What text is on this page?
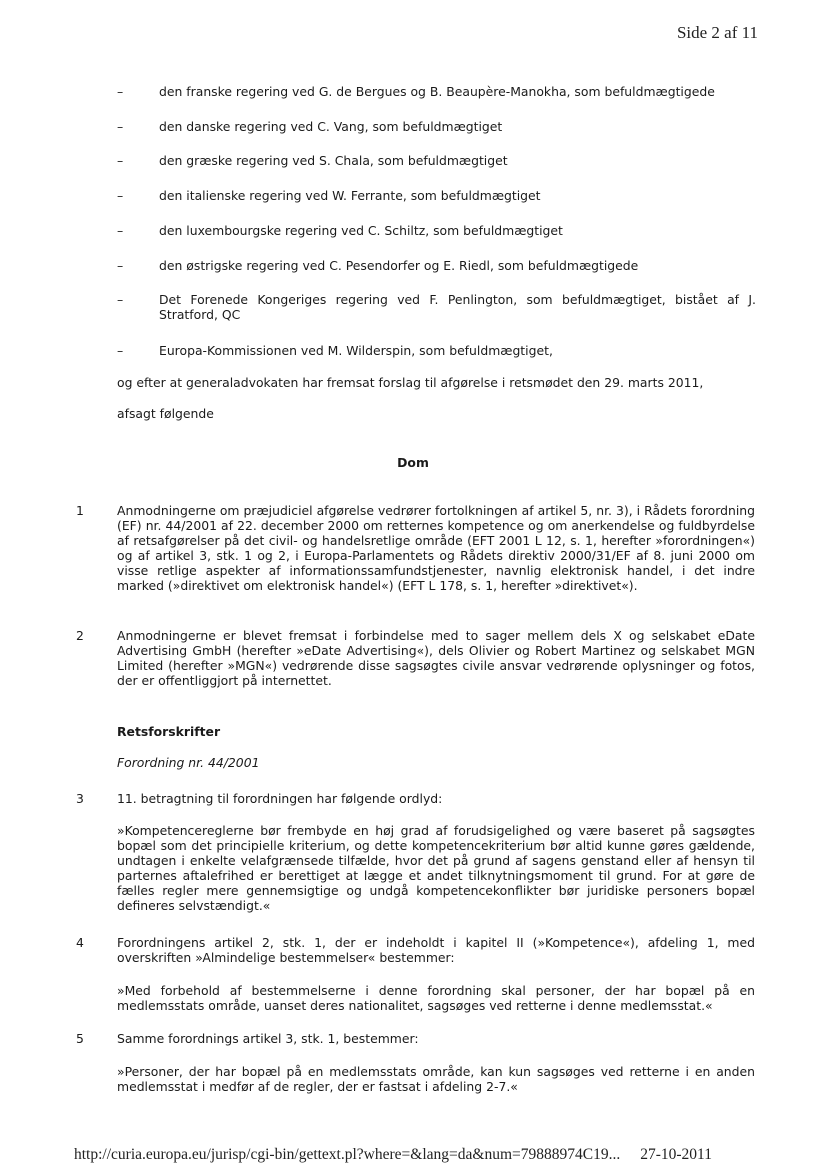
Side 2 af 11
–	den franske regering ved G. de Bergues og B. Beaupère-Manokha, som befuldmægtigede
–	den danske regering ved C. Vang, som befuldmægtiget
–	den græske regering ved S. Chala, som befuldmægtiget
–	den italienske regering ved W. Ferrante, som befuldmægtiget
–	den luxembourgske regering ved C. Schiltz, som befuldmægtiget
–	den østrigske regering ved C. Pesendorfer og E. Riedl, som befuldmægtigede
–	Det Forenede Kongeriges regering ved F. Penlington, som befuldmægtiget, bistået af J. Stratford, QC
–	Europa-Kommissionen ved M. Wilderspin, som befuldmægtiget,
og efter at generaladvokaten har fremsat forslag til afgørelse i retsmødet den 29. marts 2011,
afsagt følgende
Dom
1	Anmodningerne om præjudiciel afgørelse vedrører fortolkningen af artikel 5, nr. 3), i Rådets forordning (EF) nr. 44/2001 af 22. december 2000 om retternes kompetence og om anerkendelse og fuldbyrdelse af retsafgørelser på det civil- og handelsretlige område (EFT 2001 L 12, s. 1, herefter »forordningen«) og af artikel 3, stk. 1 og 2, i Europa-Parlamentets og Rådets direktiv 2000/31/EF af 8. juni 2000 om visse retlige aspekter af informationssamfundstjenester, navnlig elektronisk handel, i det indre marked (»direktivet om elektronisk handel«) (EFT L 178, s. 1, herefter »direktivet«).
2	Anmodningerne er blevet fremsat i forbindelse med to sager mellem dels X og selskabet eDate Advertising GmbH (herefter »eDate Advertising«), dels Olivier og Robert Martinez og selskabet MGN Limited (herefter »MGN«) vedrørende disse sagsøgtes civile ansvar vedrørende oplysninger og fotos, der er offentliggjort på internettet.
Retsforskrifter
Forordning nr. 44/2001
3	11. betragtning til forordningen har følgende ordlyd:
»Kompetencereglerne bør frembyde en høj grad af forudsigelighed og være baseret på sagsøgtes bopæl som det principielle kriterium, og dette kompetencekriterium bør altid kunne gøres gældende, undtagen i enkelte velafgrænsede tilfælde, hvor det på grund af sagens genstand eller af hensyn til parternes aftalefrihed er berettiget at lægge et andet tilknytningsmoment til grund. For at gøre de fælles regler mere gennemsigtige og undgå kompetencekonflikter bør juridiske personers bopæl defineres selvstændigt.«
4	Forordningens artikel 2, stk. 1, der er indeholdt i kapitel II (»Kompetence«), afdeling 1, med overskriften »Almindelige bestemmelser« bestemmer:
»Med forbehold af bestemmelserne i denne forordning skal personer, der har bopæl på en medlemsstats område, uanset deres nationalitet, sagsøges ved retterne i denne medlemsstat.«
5	Samme forordnings artikel 3, stk. 1, bestemmer:
»Personer, der har bopæl på en medlemsstats område, kan kun sagsøges ved retterne i en anden medlemsstat i medfør af de regler, der er fastsat i afdeling 2-7.«
http://curia.europa.eu/jurisp/cgi-bin/gettext.pl?where=&lang=da&num=79888974C19... 27-10-2011
